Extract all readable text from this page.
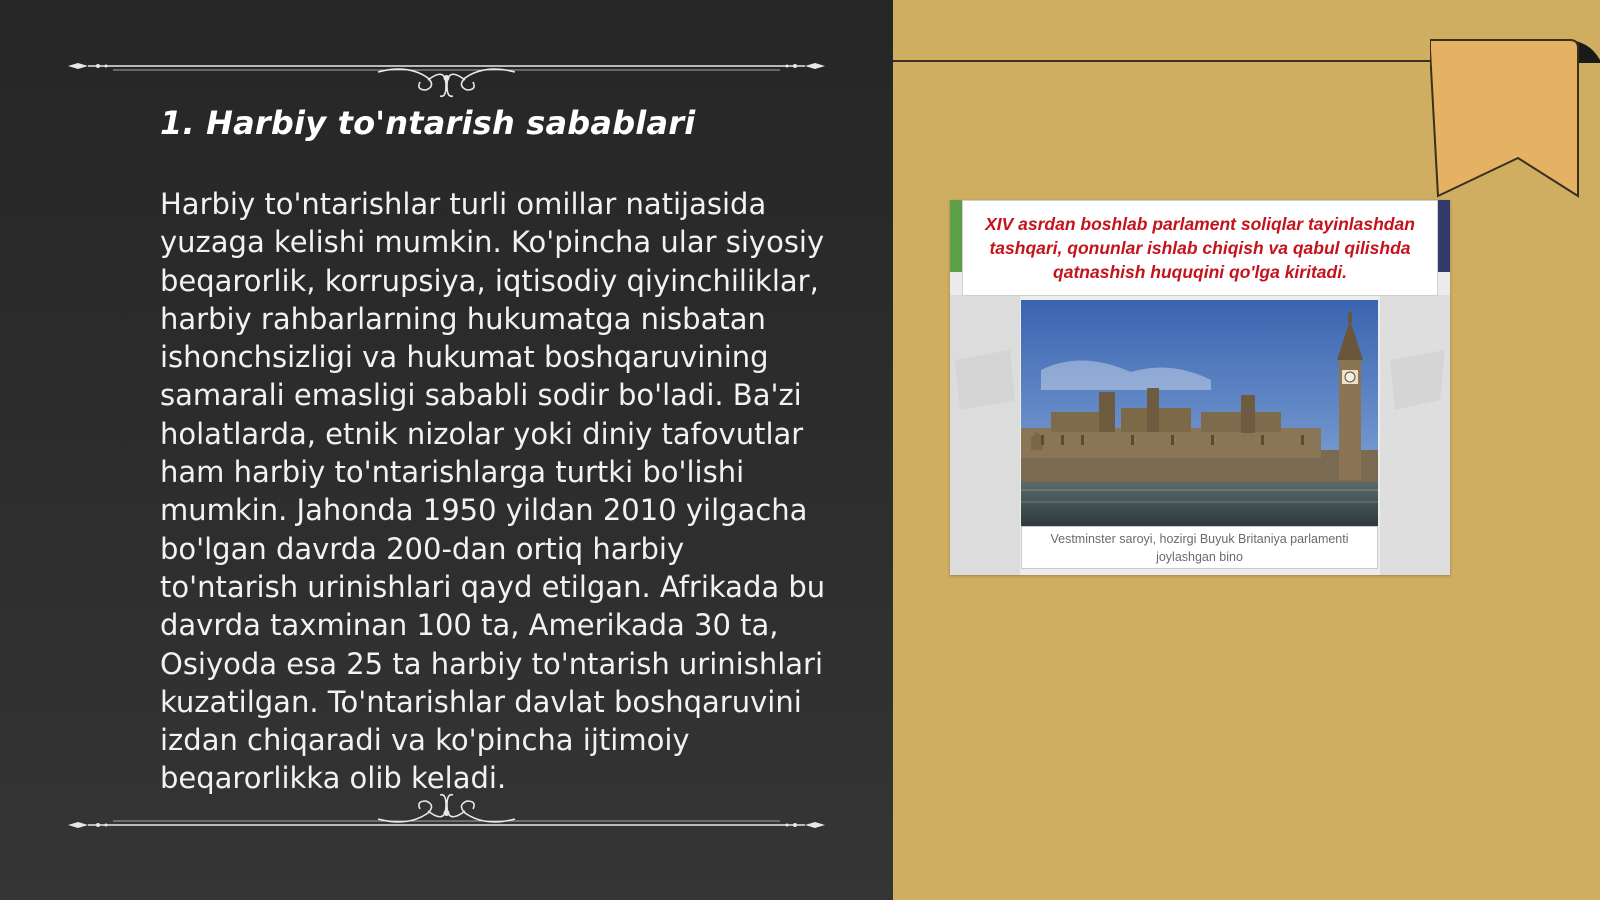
1. Harbiy to'ntarish sabablari

Harbiy to'ntarishlar turli omillar natijasida yuzaga kelishi mumkin. Ko'pincha ular siyosiy beqarorlik, korrupsiya, iqtisodiy qiyinchiliklar, harbiy rahbarlarning hukumatga nisbatan ishonchsizligi va hukumat boshqaruvining samarali emasligi sababli sodir bo'ladi. Ba'zi holatlarda, etnik nizolar yoki diniy tafovutlar ham harbiy to'ntarishlarga turtki bo'lishi mumkin. Jahonda 1950 yildan 2010 yilgacha bo'lgan davrda 200-dan ortiq harbiy to'ntarish urinishlari qayd etilgan. Afrikada bu davrda taxminan 100 ta, Amerikada 30 ta, Osiyoda esa 25 ta harbiy to'ntarish urinishlari kuzatilgan. To'ntarishlar davlat boshqaruvini izdan chiqaradi va ko'pincha ijtimoiy beqarorlikka olib keladi.

XIV asrdan boshlab parlament soliqlar tayinlashdan tashqari, qonunlar ishlab chiqish va qabul qilishda qatnashish huquqini qo'lga kiritadi.
Vestminster saroyi, hozirgi Buyuk Britaniya parlamenti joylashgan bino
